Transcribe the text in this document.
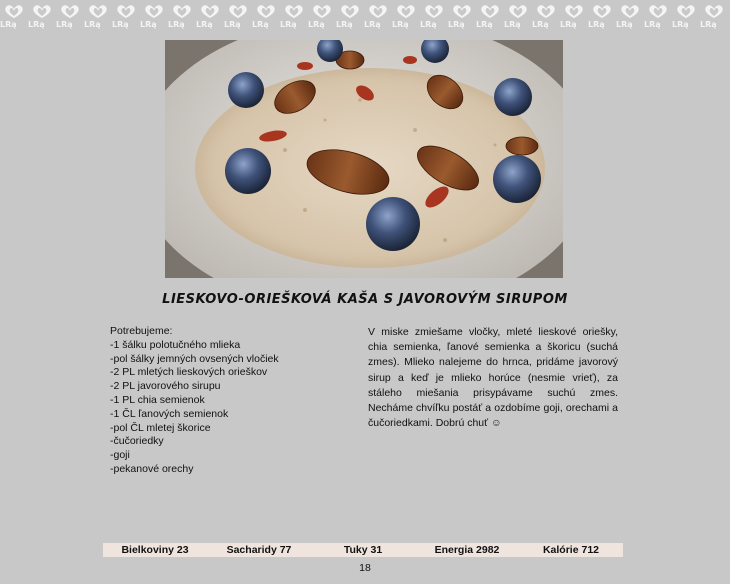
LRą LRą LRą LRą LRą LRą LRą LRą LRą LRą LRą LRą LRą LRą LRą LRą LRą LRą LRą LRą LRą LRą LRą LRą LRą LRą
LIESKOVO-ORIEŠKOVÁ KAŠA S JAVOROVÝM SIRUPOM
Potrebujeme:
-1 šálku polotučného mlieka
-pol šálky jemných ovsených vločiek
-2 PL mletých lieskových orieškov
-2 PL javorového sirupu
-1 PL chia semienok
-1 ČL ľanových semienok
-pol ČL mletej škorice
-čučoriedky
-goji
-pekanové orechy
V miske zmiešame vločky, mleté lieskové oriešky, chia semienka, ľanové semienka a škoricu (suchá zmes). Mlieko nalejeme do hrnca, pridáme javorový sirup a keď je mlieko horúce (nesmie vrieť), za stáleho miešania prisypávame suchú zmes. Necháme chvíľku postáť a ozdobíme goji, orechami a čučoriedkami. Dobrú chuť ☺
Bielkoviny 23	Sacharidy 77	Tuky 31	Energia 2982	Kalórie 712
18
